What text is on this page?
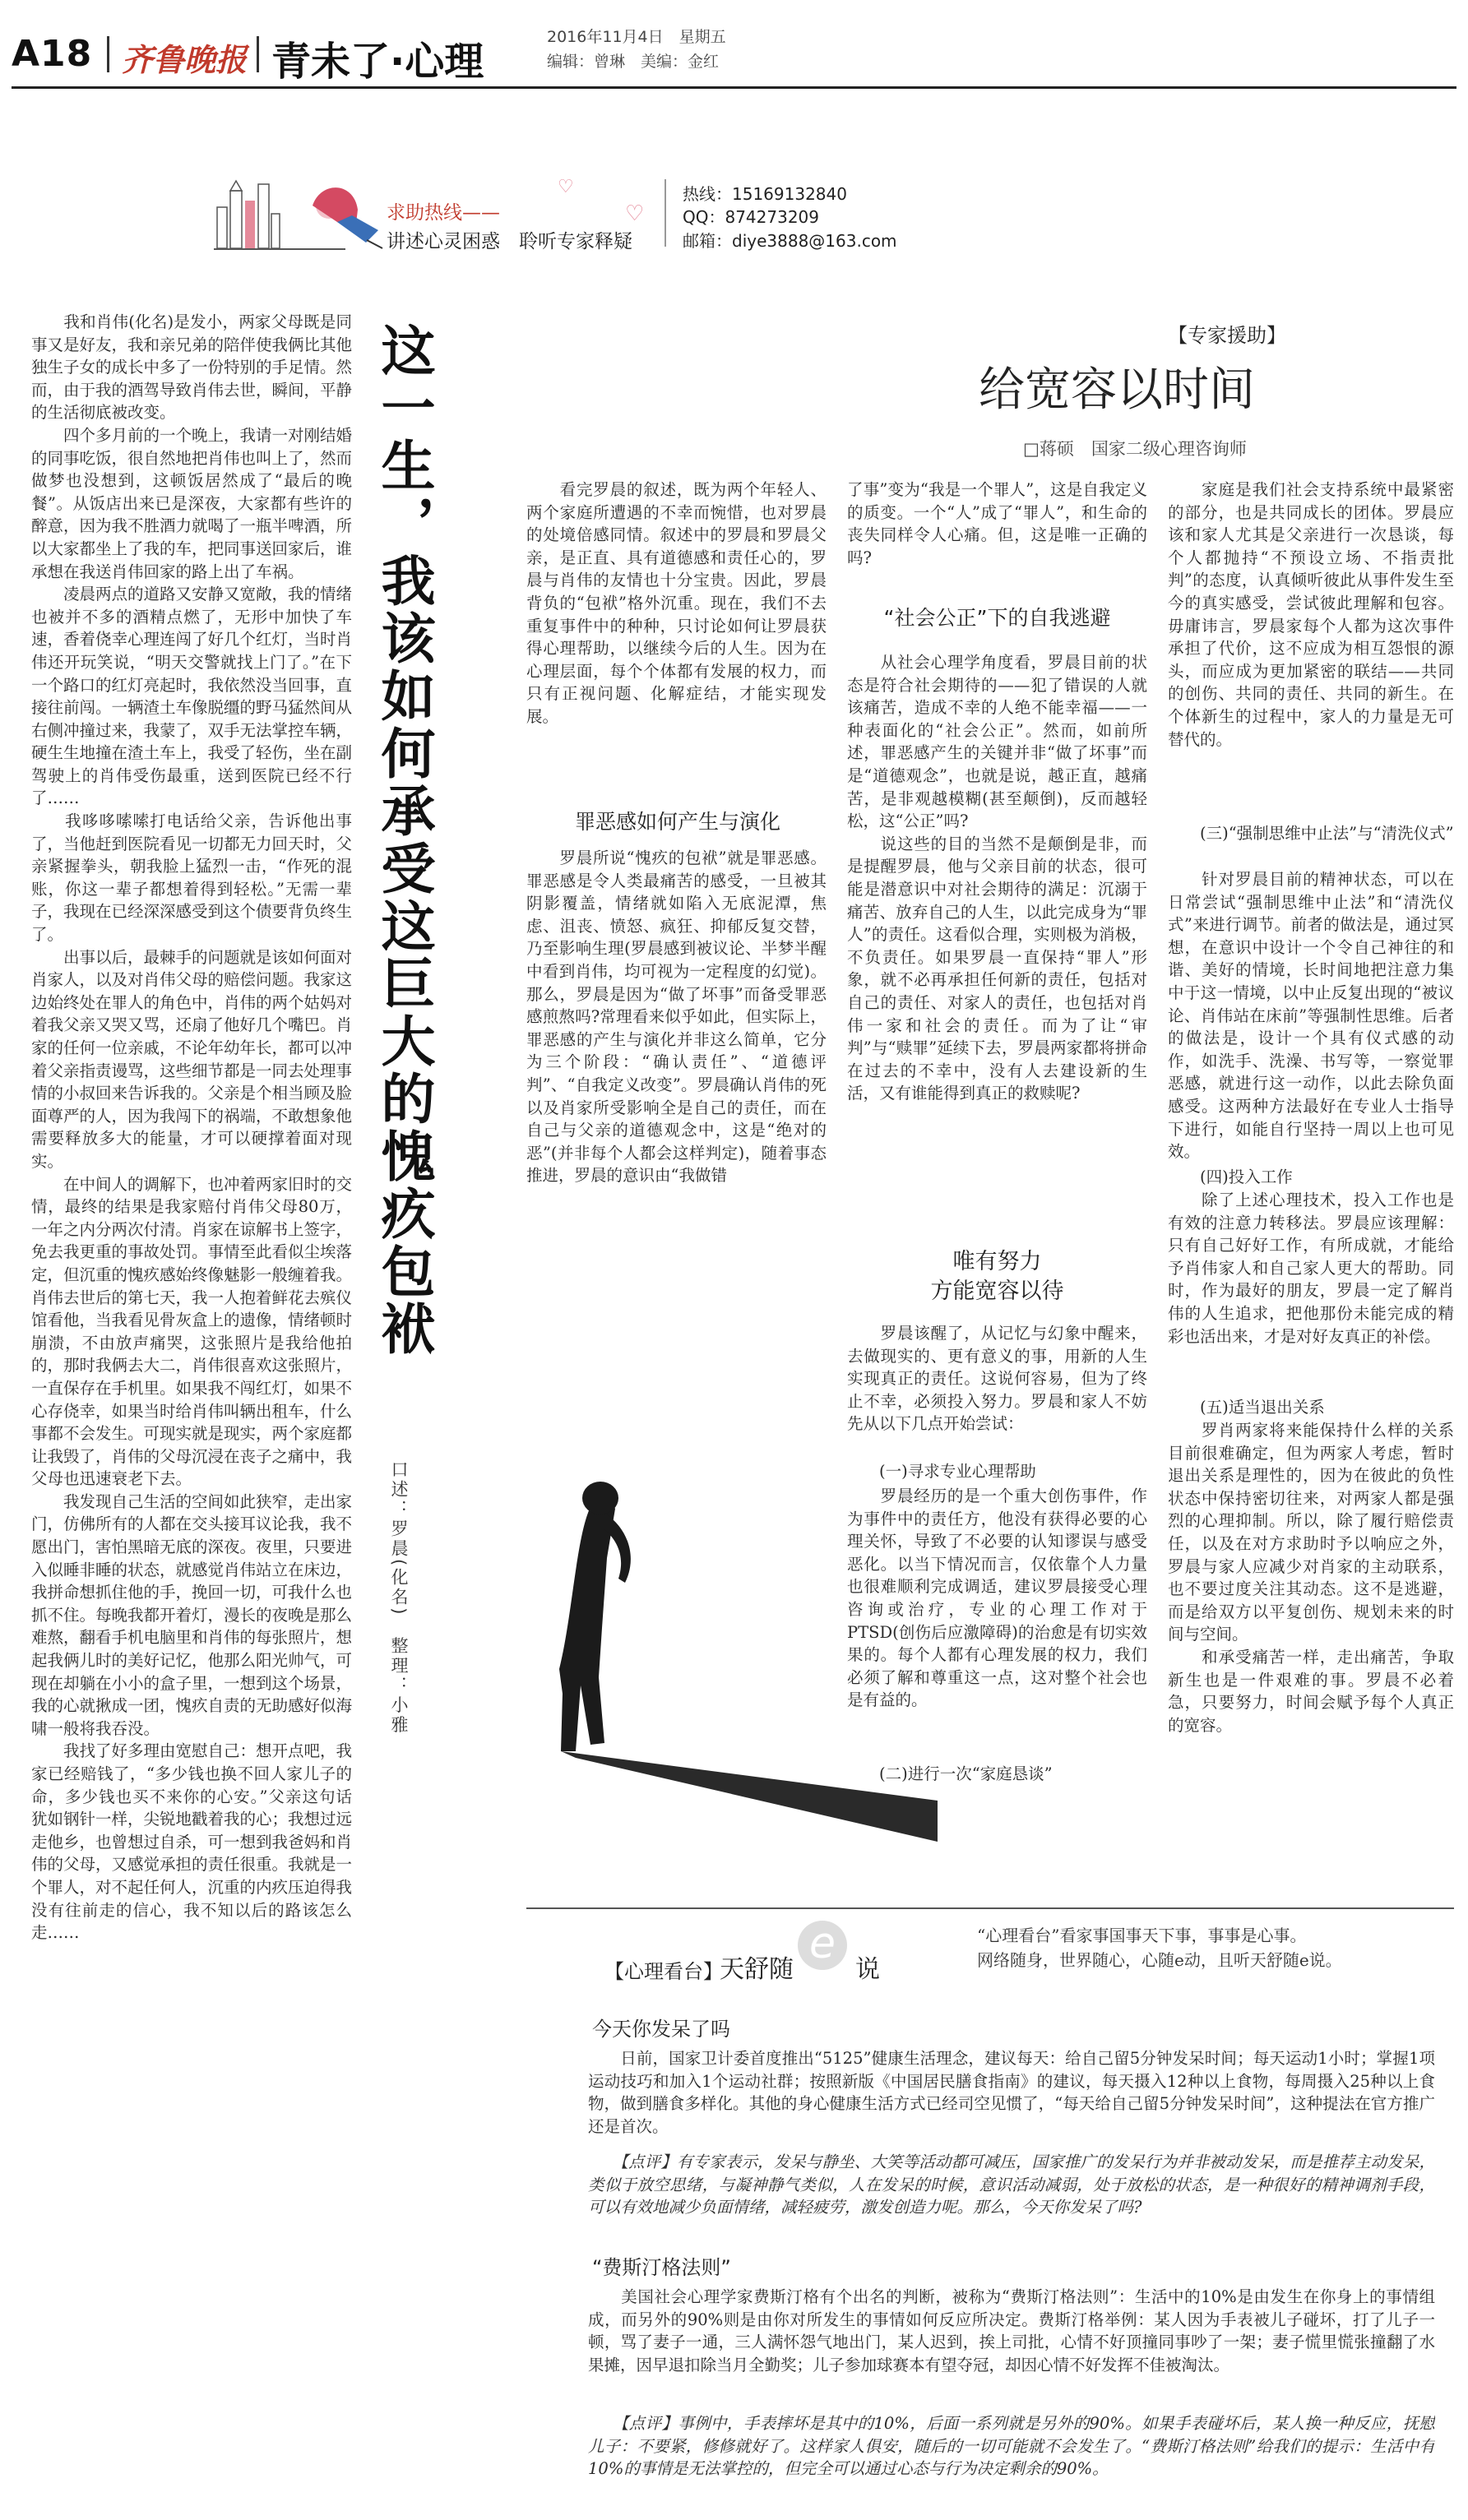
A18 齐鲁晚报 青未了·心理
2016年11月4日　星期五
编辑：曾琳　美编：金红
求助热线——
讲述心灵困惑　聆听专家释疑
♡
♡
热线：15169132840
QQ：874273209
邮箱：diye3888@163.com
　　我和肖伟(化名)是发小，两家父母既是同事又是好友，我和亲兄弟的陪伴使我俩比其他独生子女的成长中多了一份特别的手足情。然而，由于我的酒驾导致肖伟去世，瞬间，平静的生活彻底被改变。
　　四个多月前的一个晚上，我请一对刚结婚的同事吃饭，很自然地把肖伟也叫上了，然而做梦也没想到，这顿饭居然成了“最后的晚餐”。从饭店出来已是深夜，大家都有些许的醉意，因为我不胜酒力就喝了一瓶半啤酒，所以大家都坐上了我的车，把同事送回家后，谁承想在我送肖伟回家的路上出了车祸。
　　凌晨两点的道路又安静又宽敞，我的情绪也被并不多的酒精点燃了，无形中加快了车速，香着侥幸心理连闯了好几个红灯，当时肖伟还开玩笑说，“明天交警就找上门了。”在下一个路口的红灯亮起时，我依然没当回事，直接往前闯。一辆渣土车像脱缰的野马猛然间从右侧冲撞过来，我蒙了，双手无法掌控车辆，硬生生地撞在渣土车上，我受了轻伤，坐在副驾驶上的肖伟受伤最重，送到医院已经不行了……
　　我哆哆嗦嗦打电话给父亲，告诉他出事了，当他赶到医院看见一切都无力回天时，父亲紧握拳头，朝我脸上猛烈一击，“作死的混账，你这一辈子都想着得到轻松。”无需一辈子，我现在已经深深感受到这个债要背负终生了。
　　出事以后，最棘手的问题就是该如何面对肖家人，以及对肖伟父母的赔偿问题。我家这边始终处在罪人的角色中，肖伟的两个姑妈对着我父亲又哭又骂，还扇了他好几个嘴巴。肖家的任何一位亲戚，不论年幼年长，都可以冲着父亲指责谩骂，这些细节都是一同去处理事情的小叔回来告诉我的。父亲是个相当顾及脸面尊严的人，因为我闯下的祸端，不敢想象他需要释放多大的能量，才可以硬撑着面对现实。
　　在中间人的调解下，也冲着两家旧时的交情，最终的结果是我家赔付肖伟父母80万，一年之内分两次付清。肖家在谅解书上签字，免去我更重的事故处罚。事情至此看似尘埃落定，但沉重的愧疚感始终像魅影一般缠着我。肖伟去世后的第七天，我一人抱着鲜花去殡仪馆看他，当我看见骨灰盒上的遗像，情绪顿时崩溃，不由放声痛哭，这张照片是我给他拍的，那时我俩去大二，肖伟很喜欢这张照片，一直保存在手机里。如果我不闯红灯，如果不心存侥幸，如果当时给肖伟叫辆出租车，什么事都不会发生。可现实就是现实，两个家庭都让我毁了，肖伟的父母沉浸在丧子之痛中，我父母也迅速衰老下去。
　　我发现自己生活的空间如此狭窄，走出家门，仿佛所有的人都在交头接耳议论我，我不愿出门，害怕黑暗无底的深夜。夜里，只要进入似睡非睡的状态，就感觉肖伟站立在床边，我拼命想抓住他的手，挽回一切，可我什么也抓不住。每晚我都开着灯，漫长的夜晚是那么难熬，翻看手机电脑里和肖伟的每张照片，想起我俩儿时的美好记忆，他那么阳光帅气，可现在却躺在小小的盒子里，一想到这个场景，我的心就揪成一团，愧疚自责的无助感好似海啸一般将我吞没。
　　我找了好多理由宽慰自己：想开点吧，我家已经赔钱了，“多少钱也换不回人家儿子的命，多少钱也买不来你的心安。”父亲这句话犹如钢针一样，尖锐地戳着我的心；我想过远走他乡，也曾想过自杀，可一想到我爸妈和肖伟的父母，又感觉承担的责任很重。我就是一个罪人，对不起任何人，沉重的内疚压迫得我没有往前走的信心，我不知以后的路该怎么走……
这一生，我该如何承受这巨大的愧疚包袱
口述：罗晨(化名)　整理：小雅
【专家援助】
给宽容以时间
□蒋硕　国家二级心理咨询师
　　看完罗晨的叙述，既为两个年轻人、两个家庭所遭遇的不幸而惋惜，也对罗晨的处境倍感同情。叙述中的罗晨和罗晨父亲，是正直、具有道德感和责任心的，罗晨与肖伟的友情也十分宝贵。因此，罗晨背负的“包袱”格外沉重。现在，我们不去重复事件中的种种，只讨论如何让罗晨获得心理帮助，以继续今后的人生。因为在心理层面，每个个体都有发展的权力，而只有正视问题、化解症结，才能实现发展。
罪恶感如何产生与演化
　　罗晨所说“愧疚的包袱”就是罪恶感。罪恶感是令人类最痛苦的感受，一旦被其阴影覆盖，情绪就如陷入无底泥潭，焦虑、沮丧、愤怒、疯狂、抑郁反复交替，乃至影响生理(罗晨感到被议论、半梦半醒中看到肖伟，均可视为一定程度的幻觉)。那么，罗晨是因为“做了坏事”而备受罪恶感煎熬吗?常理看来似乎如此，但实际上，罪恶感的产生与演化并非这么简单，它分为三个阶段：“确认责任”、“道德评判”、“自我定义改变”。罗晨确认肖伟的死以及肖家所受影响全是自己的责任，而在自己与父亲的道德观念中，这是“绝对的恶”(并非每个人都会这样判定)，随着事态推进，罗晨的意识由“我做错
了事”变为“我是一个罪人”，这是自我定义的质变。一个“人”成了“罪人”，和生命的丧失同样令人心痛。但，这是唯一正确的吗?
“社会公正”下的自我逃避
　　从社会心理学角度看，罗晨目前的状态是符合社会期待的——犯了错误的人就该痛苦，造成不幸的人绝不能幸福——一种表面化的“社会公正”。然而，如前所述，罪恶感产生的关键并非“做了坏事”而是“道德观念”，也就是说，越正直，越痛苦，是非观越模糊(甚至颠倒)，反而越轻松，这“公正”吗?
　　说这些的目的当然不是颠倒是非，而是提醒罗晨，他与父亲目前的状态，很可能是潜意识中对社会期待的满足：沉溺于痛苦、放弃自己的人生，以此完成身为“罪人”的责任。这看似合理，实则极为消极，不负责任。如果罗晨一直保持“罪人”形象，就不必再承担任何新的责任，包括对自己的责任、对家人的责任，也包括对肖伟一家和社会的责任。而为了让“审判”与“赎罪”延续下去，罗晨两家都将拼命在过去的不幸中，没有人去建设新的生活，又有谁能得到真正的救赎呢?
唯有努力
方能宽容以待
　　罗晨该醒了，从记忆与幻象中醒来，去做现实的、更有意义的事，用新的人生实现真正的责任。这说何容易，但为了终止不幸，必须投入努力。罗晨和家人不妨先从以下几点开始尝试：
　　(一)寻求专业心理帮助
　　罗晨经历的是一个重大创伤事件，作为事件中的责任方，他没有获得必要的心理关怀，导致了不必要的认知谬误与感受恶化。以当下情况而言，仅依靠个人力量也很难顺利完成调适，建议罗晨接受心理咨询或治疗，专业的心理工作对于PTSD(创伤后应激障碍)的治愈是有切实效果的。每个人都有心理发展的权力，我们必须了解和尊重这一点，这对整个社会也是有益的。
　　(二)进行一次“家庭恳谈”
　　家庭是我们社会支持系统中最紧密的部分，也是共同成长的团体。罗晨应该和家人尤其是父亲进行一次恳谈，每个人都抛持“不预设立场、不指责批判”的态度，认真倾听彼此从事件发生至今的真实感受，尝试彼此理解和包容。毋庸讳言，罗晨家每个人都为这次事件承担了代价，这不应成为相互怨恨的源头，而应成为更加紧密的联结——共同的创伤、共同的责任、共同的新生。在个体新生的过程中，家人的力量是无可替代的。
　　(三)“强制思维中止法”与“清洗仪式”
　　针对罗晨目前的精神状态，可以在日常尝试“强制思维中止法”和“清洗仪式”来进行调节。前者的做法是，通过冥想，在意识中设计一个令自己神往的和谐、美好的情境，长时间地把注意力集中于这一情境，以中止反复出现的“被议论、肖伟站在床前”等强制性思维。后者的做法是，设计一个具有仪式感的动作，如洗手、洗澡、书写等，一察觉罪恶感，就进行这一动作，以此去除负面感受。这两种方法最好在专业人士指导下进行，如能自行坚持一周以上也可见效。
　　(四)投入工作
　　除了上述心理技术，投入工作也是有效的注意力转移法。罗晨应该理解：只有自己好好工作，有所成就，才能给予肖伟家人和自己家人更大的帮助。同时，作为最好的朋友，罗晨一定了解肖伟的人生追求，把他那份未能完成的精彩也活出来，才是对好友真正的补偿。
　　(五)适当退出关系
　　罗肖两家将来能保持什么样的关系目前很难确定，但为两家人考虑，暂时退出关系是理性的，因为在彼此的负性状态中保持密切往来，对两家人都是强烈的心理抑制。所以，除了履行赔偿责任，以及在对方求助时予以响应之外，罗晨与家人应减少对肖家的主动联系，也不要过度关注其动态。这不是逃避，而是给双方以平复创伤、规划未来的时间与空间。
　　和承受痛苦一样，走出痛苦，争取新生也是一件艰难的事。罗晨不必着急，只要努力，时间会赋予每个人真正的宽容。
【心理看台】
天舒随
e
说
“心理看台”看家事国事天下事，事事是心事。
网络随身，世界随心，心随e动，且听天舒随e说。
今天你发呆了吗
　　日前，国家卫计委首度推出“5125”健康生活理念，建议每天：给自己留5分钟发呆时间；每天运动1小时；掌握1项运动技巧和加入1个运动社群；按照新版《中国居民膳食指南》的建议，每天摄入12种以上食物，每周摄入25种以上食物，做到膳食多样化。其他的身心健康生活方式已经司空见惯了，“每天给自己留5分钟发呆时间”，这种提法在官方推广还是首次。
　　【点评】有专家表示，发呆与静坐、大笑等活动都可减压，国家推广的发呆行为并非被动发呆，而是推荐主动发呆，类似于放空思绪，与凝神静气类似，人在发呆的时候，意识活动减弱，处于放松的状态，是一种很好的精神调剂手段，可以有效地减少负面情绪，减轻疲劳，激发创造力呢。那么，今天你发呆了吗?
“费斯汀格法则”
　　美国社会心理学家费斯汀格有个出名的判断，被称为“费斯汀格法则”：生活中的10%是由发生在你身上的事情组成，而另外的90%则是由你对所发生的事情如何反应所决定。费斯汀格举例：某人因为手表被儿子碰坏，打了儿子一顿，骂了妻子一通，三人满怀怨气地出门，某人迟到，挨上司批，心情不好顶撞同事吵了一架；妻子慌里慌张撞翻了水果摊，因早退扣除当月全勤奖；儿子参加球赛本有望夺冠，却因心情不好发挥不佳被淘汰。
　　【点评】事例中，手表摔坏是其中的10%，后面一系列就是另外的90%。如果手表碰坏后，某人换一种反应，抚慰儿子：不要紧，修修就好了。这样家人俱安，随后的一切可能就不会发生了。“费斯汀格法则”给我们的提示：生活中有10%的事情是无法掌控的，但完全可以通过心态与行为决定剩余的90%。
